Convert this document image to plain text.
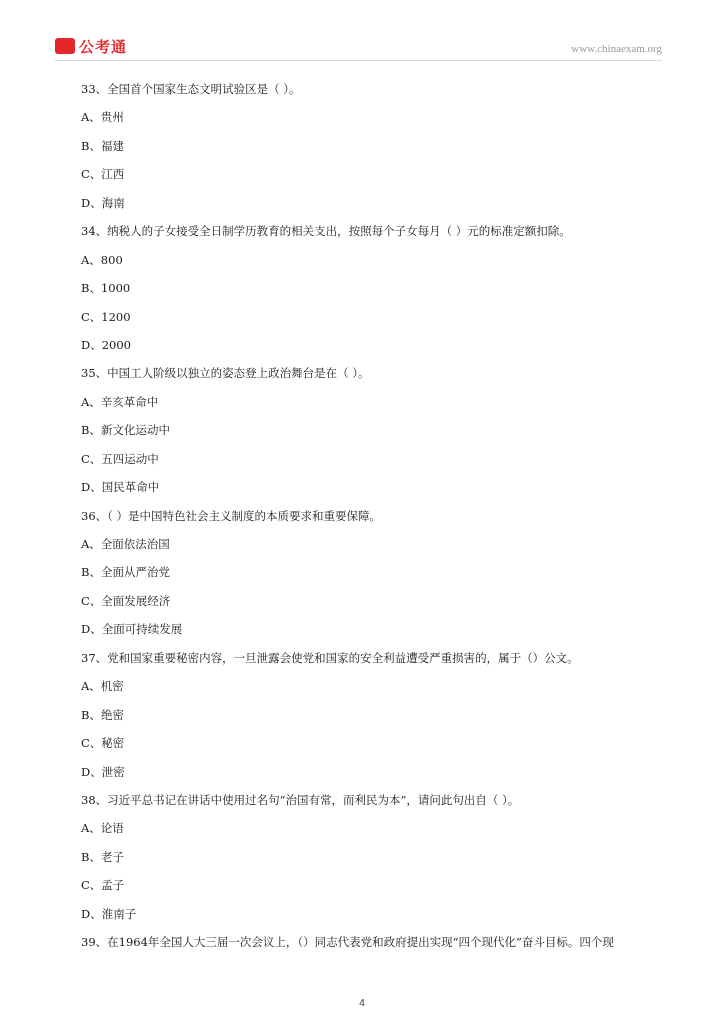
公考通	www.chinaexam.org
33、全国首个国家生态文明试验区是（ ）。
A、贵州
B、福建
C、江西
D、海南
34、纳税人的子女接受全日制学历教育的相关支出，按照每个子女每月（ ）元的标准定额扣除。
A、800
B、1000
C、1200
D、2000
35、中国工人阶级以独立的姿态登上政治舞台是在（ ）。
A、辛亥革命中
B、新文化运动中
C、五四运动中
D、国民革命中
36、（ ）是中国特色社会主义制度的本质要求和重要保障。
A、全面依法治国
B、全面从严治党
C、全面发展经济
D、全面可持续发展
37、党和国家重要秘密内容，一旦泄露会使党和国家的安全利益遭受严重损害的，属于（）公文。
A、机密
B、绝密
C、秘密
D、泄密
38、习近平总书记在讲话中使用过名句“治国有常，而利民为本”，请问此句出自（ ）。
A、论语
B、老子
C、孟子
D、淮南子
39、在1964年全国人大三届一次会议上，（）同志代表党和政府提出实现“四个现代化”奋斗目标。四个现
4
